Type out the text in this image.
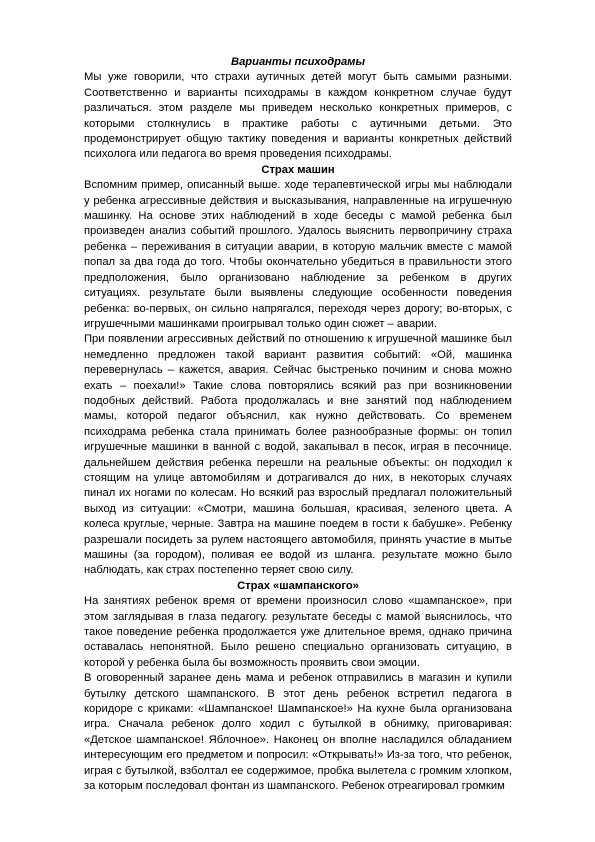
Варианты психодрамы

Мы уже говорили, что страхи аутичных детей могут быть самыми разными. Соответственно и варианты психодрамы в каждом конкретном случае будут различаться. этом разделе мы приведем несколько конкретных примеров, с которыми столкнулись в практике работы с аутичными детьми. Это продемонстрирует общую тактику поведения и варианты конкретных действий психолога или педагога во время проведения психодрамы.

Страх машин

Вспомним пример, описанный выше. ходе терапевтической игры мы наблюдали у ребенка агрессивные действия и высказывания, направленные на игрушечную машинку. На основе этих наблюдений в ходе беседы с мамой ребенка был произведен анализ событий прошлого. Удалось выяснить первопричину страха ребенка – переживания в ситуации аварии, в которую мальчик вместе с мамой попал за два года до того. Чтобы окончательно убедиться в правильности этого предположения, было организовано наблюдение за ребенком в других ситуациях. результате были выявлены следующие особенности поведения ребенка: во-первых, он сильно напрягался, переходя через дорогу; во-вторых, с игрушечными машинками проигрывал только один сюжет – аварии.

При появлении агрессивных действий по отношению к игрушечной машинке был немедленно предложен такой вариант развития событий: «Ой, машинка перевернулась – кажется, авария. Сейчас быстренько починим и снова можно ехать – поехали!» Такие слова повторялись всякий раз при возникновении подобных действий. Работа продолжалась и вне занятий под наблюдением мамы, которой педагог объяснил, как нужно действовать. Со временем психодрама ребенка стала принимать более разнообразные формы: он топил игрушечные машинки в ванной с водой, закапывал в песок, играя в песочнице. дальнейшем действия ребенка перешли на реальные объекты: он подходил к стоящим на улице автомобилям и дотрагивался до них, в некоторых случаях пинал их ногами по колесам. Но всякий раз взрослый предлагал положительный выход из ситуации: «Смотри, машина большая, красивая, зеленого цвета. А колеса круглые, черные. Завтра на машине поедем в гости к бабушке». Ребенку разрешали посидеть за рулем настоящего автомобиля, принять участие в мытье машины (за городом), поливая ее водой из шланга. результате можно было наблюдать, как страх постепенно теряет свою силу.

Страх «шампанского»

На занятиях ребенок время от времени произносил слово «шампанское», при этом заглядывая в глаза педагогу. результате беседы с мамой выяснилось, что такое поведение ребенка продолжается уже длительное время, однако причина оставалась непонятной. Было решено специально организовать ситуацию, в которой у ребенка была бы возможность проявить свои эмоции.

В оговоренный заранее день мама и ребенок отправились в магазин и купили бутылку детского шампанского. В этот день ребенок встретил педагога в коридоре с криками: «Шампанское! Шампанское!» На кухне была организована игра. Сначала ребенок долго ходил с бутылкой в обнимку, приговаривая: «Детское шампанское! Яблочное». Наконец он вполне насладился обладанием интересующим его предметом и попросил: «Открывать!» Из-за того, что ребенок, играя с бутылкой, взболтал ее содержимое, пробка вылетела с громким хлопком, за которым последовал фонтан из шампанского. Ребенок отреагировал громким
